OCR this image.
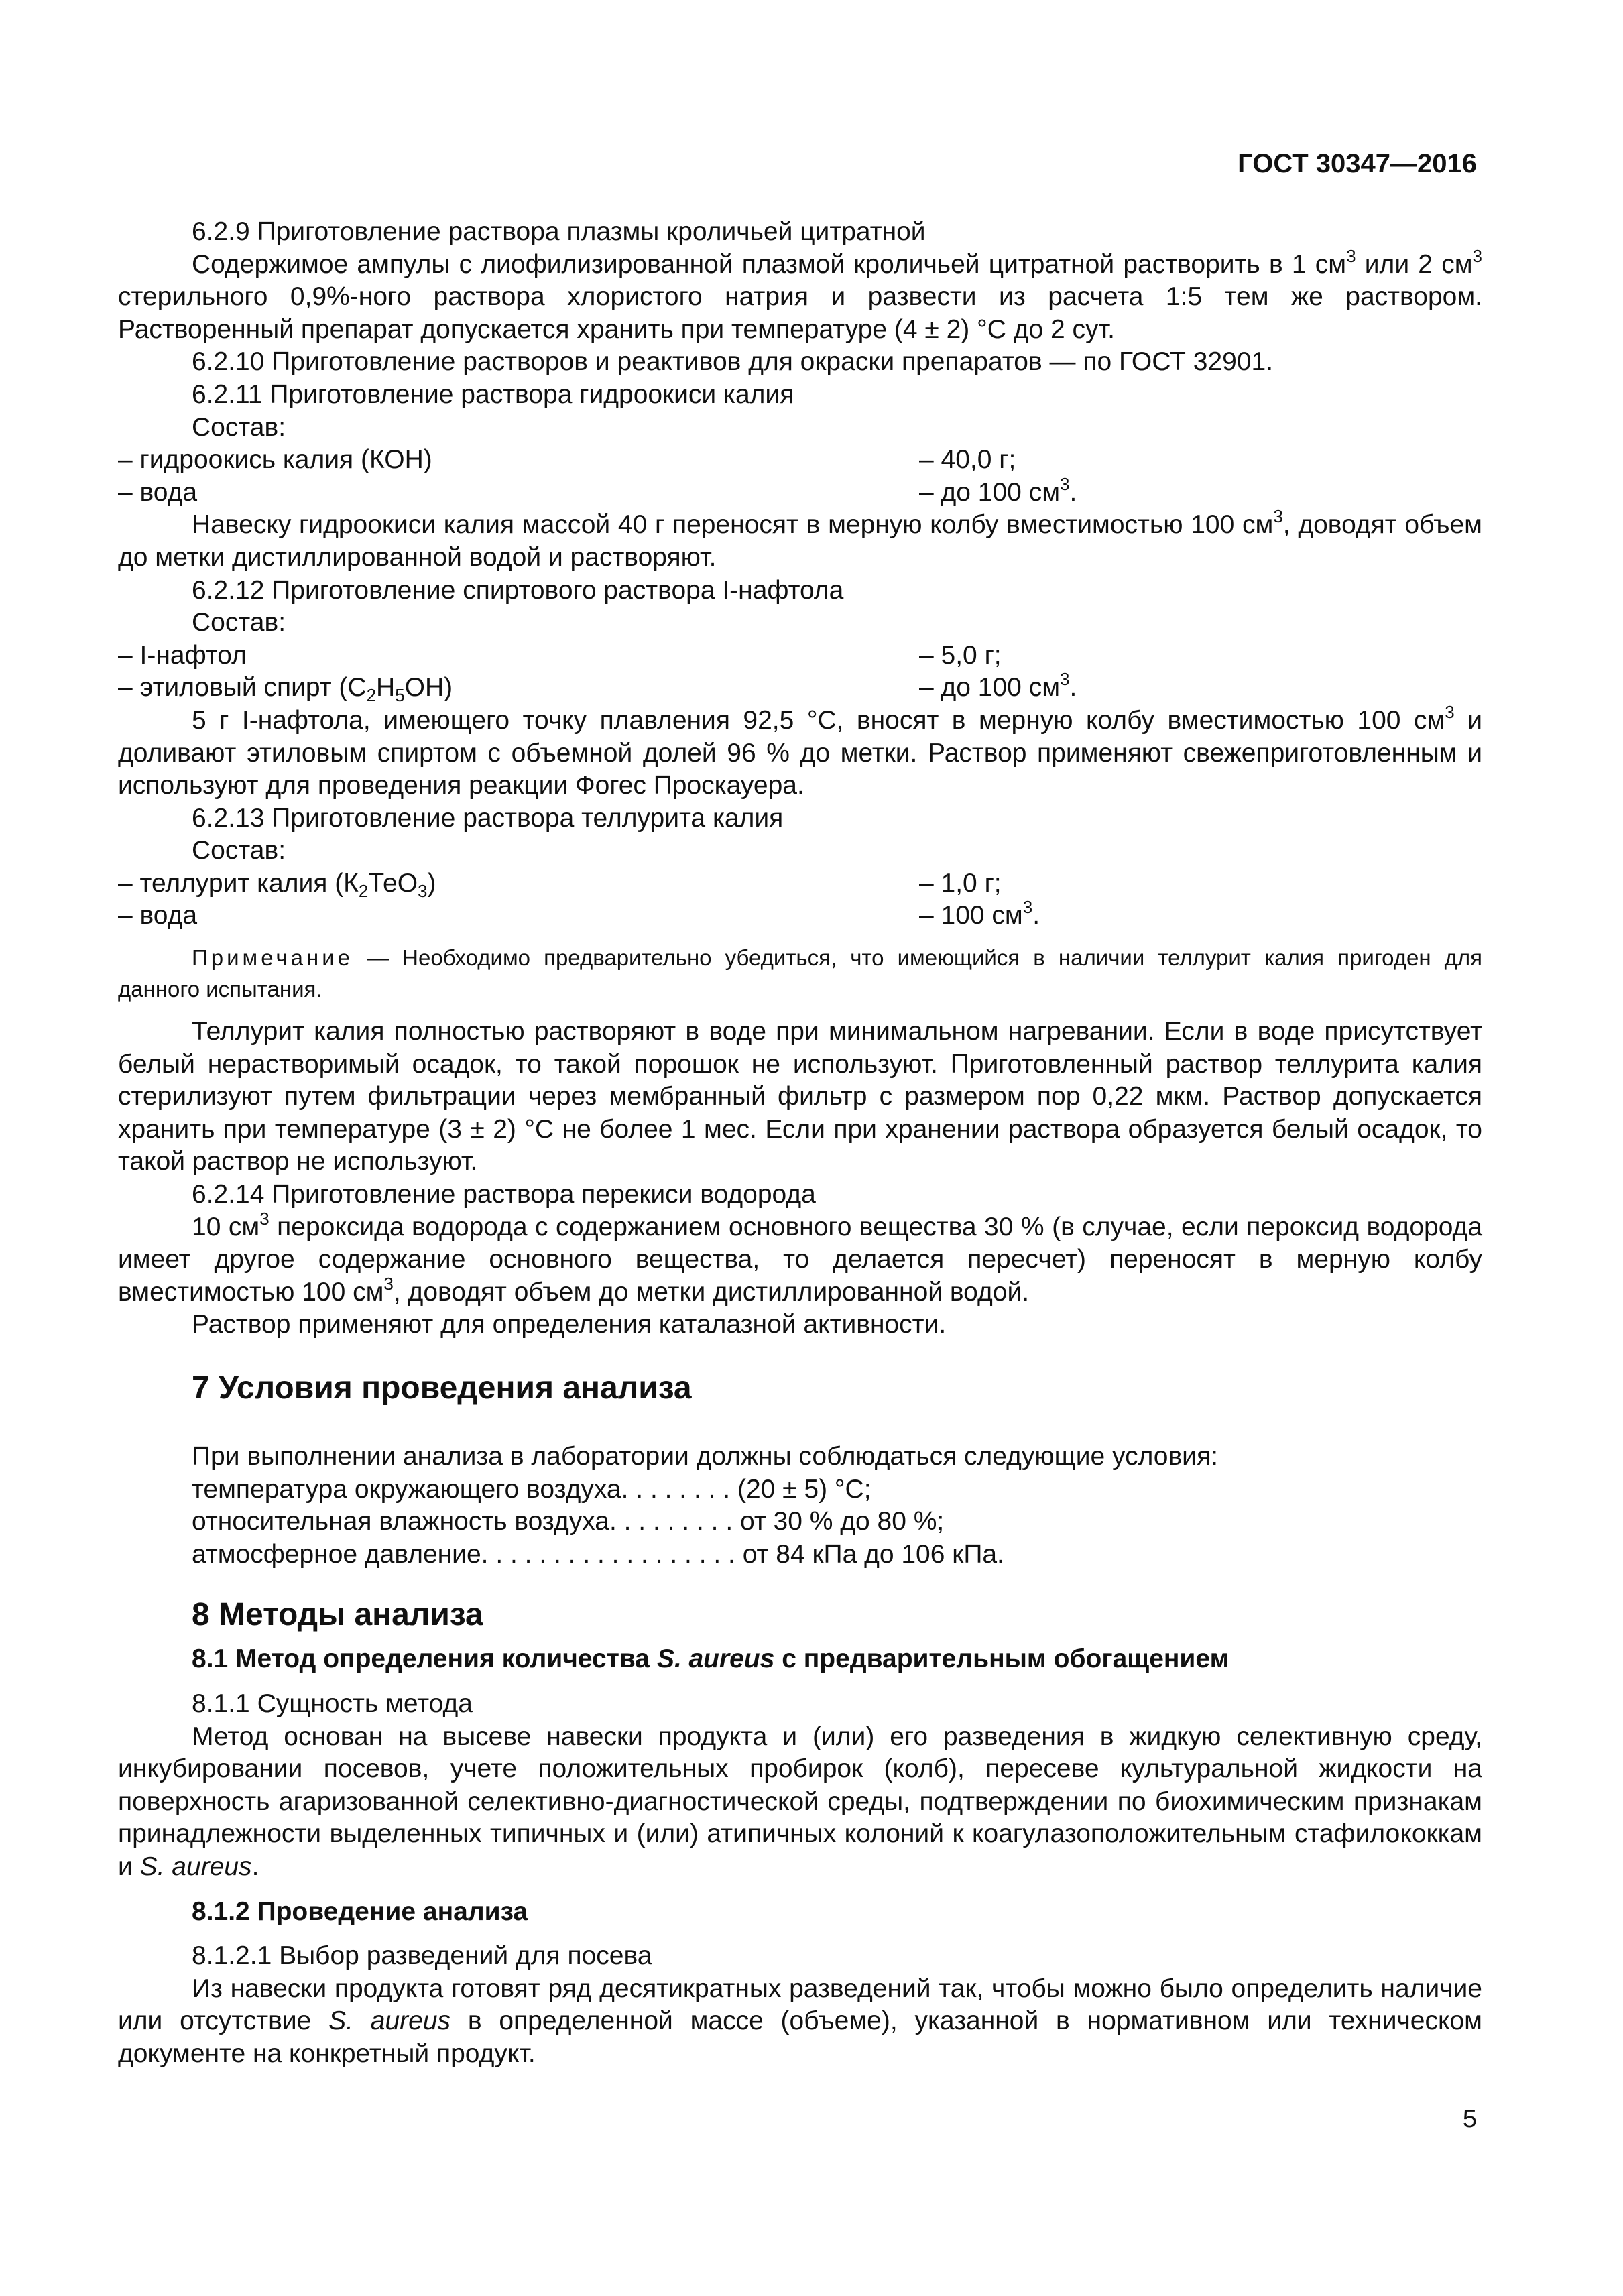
ГОСТ 30347—2016

6.2.9 Приготовление раствора плазмы кроличьей цитратной

Содержимое ампулы с лиофилизированной плазмой кроличьей цитратной растворить в 1 $см^3$ или 2 $см^3$ стерильного 0,9%-ного раствора хлористого натрия и развести из расчета 1:5 тем же раствором. Растворенный препарат допускается хранить при температуре (4 ± 2) °С до 2 сут.

6.2.10 Приготовление растворов и реактивов для окраски препаратов — по ГОСТ 32901.

6.2.11 Приготовление раствора гидроокиси калия

Состав:

– гидроокись калия (КОН)	– 40,0 г;
– вода	– до 100 $см^3$.

Навеску гидроокиси калия массой 40 г переносят в мерную колбу вместимостью 100 $см^3$, доводят объем до метки дистиллированной водой и растворяют.

6.2.12 Приготовление спиртового раствора I-нафтола

Состав:

– I-нафтол	– 5,0 г;
– этиловый спирт $(С_2Н_5ОН)$	– до 100 $см^3$.

5 г I-нафтола, имеющего точку плавления 92,5 °С, вносят в мерную колбу вместимостью 100 $см^3$ и доливают этиловым спиртом с объемной долей 96 % до метки. Раствор применяют свежеприготовленным и используют для проведения реакции Фогес Проскауера.

6.2.13 Приготовление раствора теллурита калия

Состав:

– теллурит калия $(К_2ТеО_3)$	– 1,0 г;
– вода	– 100 $см^3$.

Примечание — Необходимо предварительно убедиться, что имеющийся в наличии теллурит калия пригоден для данного испытания.

Теллурит калия полностью растворяют в воде при минимальном нагревании. Если в воде присутствует белый нерастворимый осадок, то такой порошок не используют. Приготовленный раствор теллурита калия стерилизуют путем фильтрации через мембранный фильтр с размером пор 0,22 мкм. Раствор допускается хранить при температуре (3 ± 2) °С не более 1 мес. Если при хранении раствора образуется белый осадок, то такой раствор не используют.

6.2.14 Приготовление раствора перекиси водорода

10 $см^3$ пероксида водорода с содержанием основного вещества 30 % (в случае, если пероксид водорода имеет другое содержание основного вещества, то делается пересчет) переносят в мерную колбу вместимостью 100 $см^3$, доводят объем до метки дистиллированной водой.

Раствор применяют для определения каталазной активности.

7 Условия проведения анализа

При выполнении анализа в лаборатории должны соблюдаться следующие условия:

температура окружающего воздуха. . . . . . . . (20 ± 5) °С;
относительная влажность воздуха. . . . . . . . . от 30 % до 80 %;
атмосферное давление. . . . . . . . . . . . . . . . . . от 84 кПа до 106 кПа.
8 Методы анализа
8.1 Метод определения количества S. aureus с предварительным обогащением

8.1.1 Сущность метода

Метод основан на высеве навески продукта и (или) его разведения в жидкую селективную среду, инкубировании посевов, учете положительных пробирок (колб), пересеве культуральной жидкости на поверхность агаризованной селективно-диагностической среды, подтверждении по биохимическим признакам принадлежности выделенных типичных и (или) атипичных колоний к коагулазоположительным стафилококкам и S. aureus.

8.1.2 Проведение анализа

8.1.2.1 Выбор разведений для посева

Из навески продукта готовят ряд десятикратных разведений так, чтобы можно было определить наличие или отсутствие S. aureus в определенной массе (объеме), указанной в нормативном или техническом документе на конкретный продукт.

5
